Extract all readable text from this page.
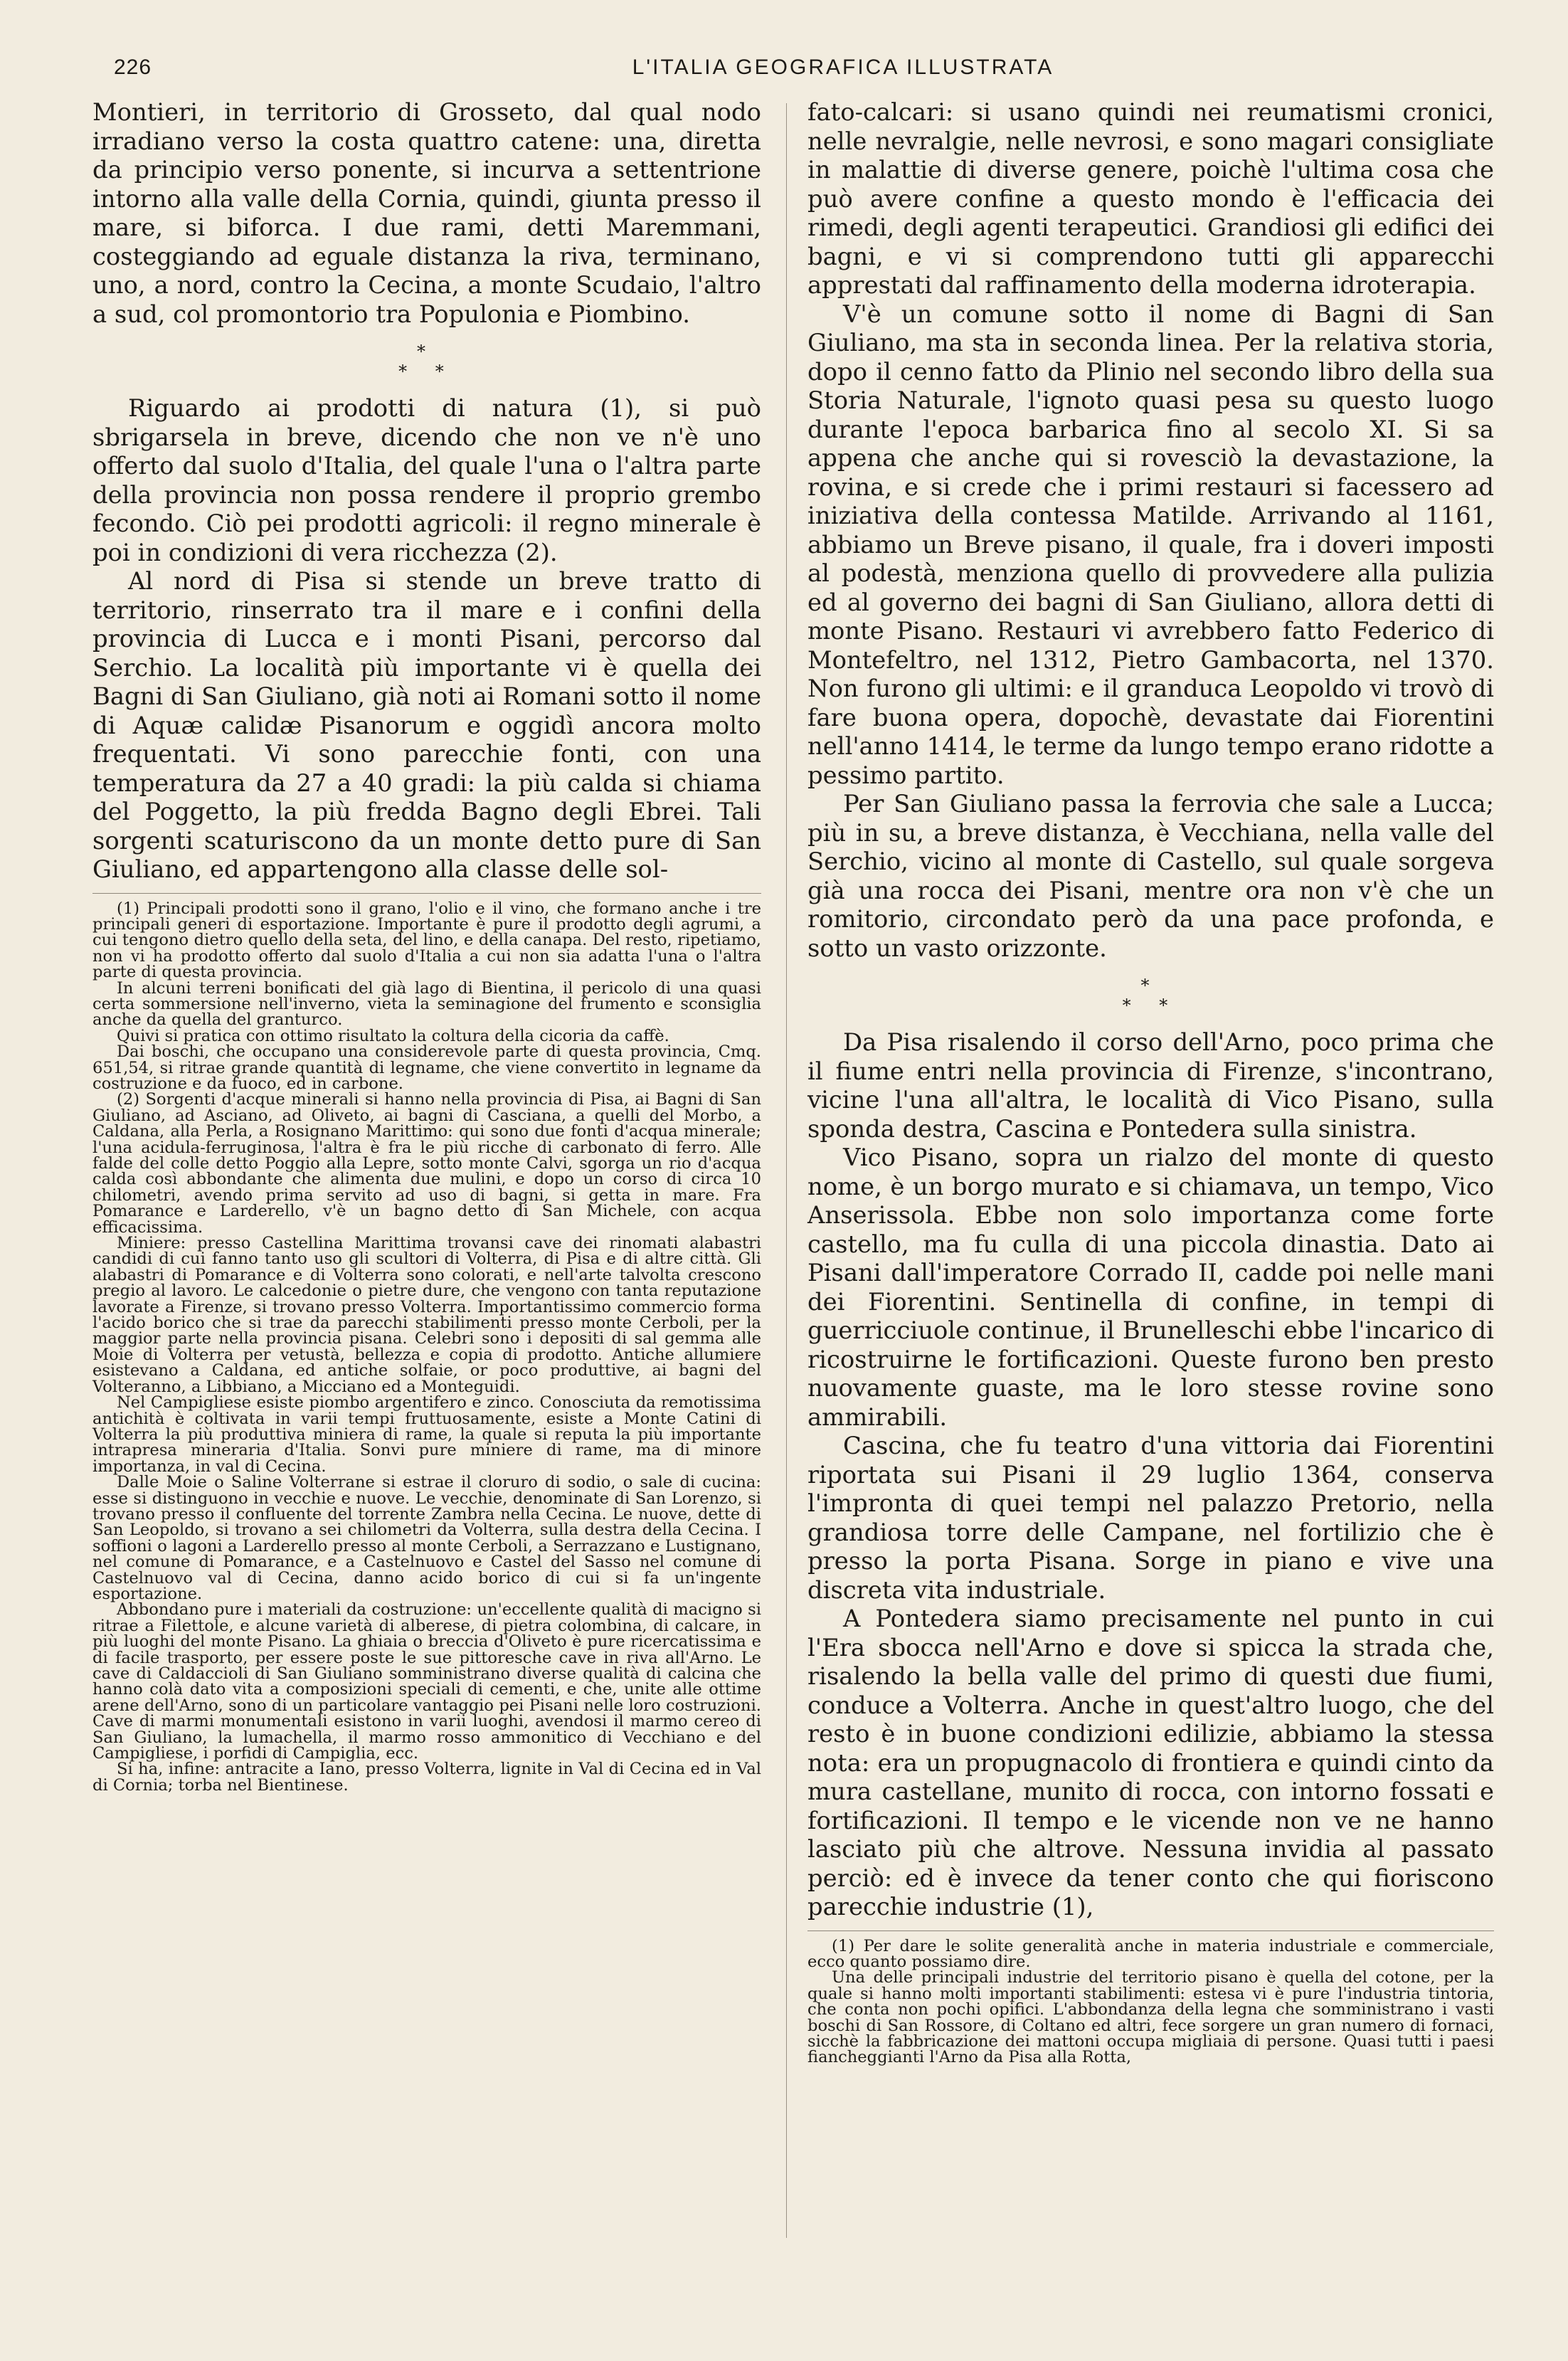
226	L'ITALIA GEOGRAFICA ILLUSTRATA

Montieri, in territorio di Grosseto, dal qual nodo irradiano verso la costa quattro catene: una, diretta da principio verso ponente, si incurva a settentrione intorno alla valle della Cornia, quindi, giunta presso il mare, si biforca. I due rami, detti Maremmani, costeggiando ad eguale distanza la riva, terminano, uno, a nord, contro la Cecina, a monte Scudaio, l'altro a sud, col promontorio tra Populonia e Piombino.

*
* *

Riguardo ai prodotti di natura (1), si può sbrigarsela in breve, dicendo che non ve n'è uno offerto dal suolo d'Italia, del quale l'una o l'altra parte della provincia non possa rendere il proprio grembo fecondo. Ciò pei prodotti agricoli: il regno minerale è poi in condizioni di vera ricchezza (2).

Al nord di Pisa si stende un breve tratto di territorio, rinserrato tra il mare e i confini della provincia di Lucca e i monti Pisani, percorso dal Serchio. La località più importante vi è quella dei Bagni di San Giuliano, già noti ai Romani sotto il nome di Aquæ calidæ Pisanorum e oggidì ancora molto frequentati. Vi sono parecchie fonti, con una temperatura da 27 a 40 gradi: la più calda si chiama del Poggetto, la più fredda Bagno degli Ebrei. Tali sorgenti scaturiscono da un monte detto pure di San Giuliano, ed appartengono alla classe delle sol-

(1) Principali prodotti sono il grano, l'olio e il vino, che formano anche i tre principali generi di esportazione. Importante è pure il prodotto degli agrumi, a cui tengono dietro quello della seta, del lino, e della canapa. Del resto, ripetiamo, non vi ha prodotto offerto dal suolo d'Italia a cui non sia adatta l'una o l'altra parte di questa provincia.

In alcuni terreni bonificati del già lago di Bientina, il pericolo di una quasi certa sommersione nell'inverno, vieta la seminagione del frumento e sconsiglia anche da quella del granturco.

Quivi si pratica con ottimo risultato la coltura della cicoria da caffè.

Dai boschi, che occupano una considerevole parte di questa provincia, Cmq. 651,54, si ritrae grande quantità di legname, che viene convertito in legname da costruzione e da fuoco, ed in carbone.

(2) Sorgenti d'acque minerali si hanno nella provincia di Pisa, ai Bagni di San Giuliano, ad Asciano, ad Oliveto, ai bagni di Casciana, a quelli del Morbo, a Caldana, alla Perla, a Rosignano Marittimo: qui sono due fonti d'acqua minerale; l'una acidula-ferruginosa, l'altra è fra le più ricche di carbonato di ferro. Alle falde del colle detto Poggio alla Lepre, sotto monte Calvi, sgorga un rio d'acqua calda così abbondante che alimenta due mulini, e dopo un corso di circa 10 chilometri, avendo prima servito ad uso di bagni, si getta in mare. Fra Pomarance e Larderello, v'è un bagno detto di San Michele, con acqua efficacissima.

Miniere: presso Castellina Marittima trovansi cave dei rinomati alabastri candidi di cui fanno tanto uso gli scultori di Volterra, di Pisa e di altre città. Gli alabastri di Pomarance e di Volterra sono colorati, e nell'arte talvolta crescono pregio al lavoro. Le calcedonie o pietre dure, che vengono con tanta reputazione lavorate a Firenze, si trovano presso Volterra. Importantissimo commercio forma l'acido borico che si trae da parecchi stabilimenti presso monte Cerboli, per la maggior parte nella provincia pisana. Celebri sono i depositi di sal gemma alle Moie di Volterra per vetustà, bellezza e copia di prodotto. Antiche allumiere esistevano a Caldana, ed antiche solfaie, or poco produttive, ai bagni del Volteranno, a Libbiano, a Micciano ed a Monteguidi.

Nel Campigliese esiste piombo argentifero e zinco. Conosciuta da remotissima antichità è coltivata in varii tempi fruttuosamente, esiste a Monte Catini di Volterra la più produttiva miniera di rame, la quale si reputa la più importante intrapresa mineraria d'Italia. Sonvi pure miniere di rame, ma di minore importanza, in val di Cecina.

Dalle Moie o Saline Volterrane si estrae il cloruro di sodio, o sale di cucina: esse si distinguono in vecchie e nuove. Le vecchie, denominate di San Lorenzo, si trovano presso il confluente del torrente Zambra nella Cecina. Le nuove, dette di San Leopoldo, si trovano a sei chilometri da Volterra, sulla destra della Cecina. I soffioni o lagoni a Larderello presso al monte Cerboli, a Serrazzano e Lustignano, nel comune di Pomarance, e a Castelnuovo e Castel del Sasso nel comune di Castelnuovo val di Cecina, danno acido borico di cui si fa un'ingente esportazione.

Abbondano pure i materiali da costruzione: un'eccellente qualità di macigno si ritrae a Filettole, e alcune varietà di alberese, di pietra colombina, di calcare, in più luoghi del monte Pisano. La ghiaia o breccia d'Oliveto è pure ricercatissima e di facile trasporto, per essere poste le sue pittoresche cave in riva all'Arno. Le cave di Caldaccioli di San Giuliano somministrano diverse qualità di calcina che hanno colà dato vita a composizioni speciali di cementi, e che, unite alle ottime arene dell'Arno, sono di un particolare vantaggio pei Pisani nelle loro costruzioni. Cave di marmi monumentali esistono in varii luoghi, avendosi il marmo cereo di San Giuliano, la lumachella, il marmo rosso ammonitico di Vecchiano e del Campigliese, i porfidi di Campiglia, ecc.

Si ha, infine: antracite a Iano, presso Volterra, lignite in Val di Cecina ed in Val di Cornia; torba nel Bientinese.

fato-calcari: si usano quindi nei reumatismi cronici, nelle nevralgie, nelle nevrosi, e sono magari consigliate in malattie di diverse genere, poichè l'ultima cosa che può avere confine a questo mondo è l'efficacia dei rimedi, degli agenti terapeutici. Grandiosi gli edifici dei bagni, e vi si comprendono tutti gli apparecchi apprestati dal raffinamento della moderna idroterapia.

V'è un comune sotto il nome di Bagni di San Giuliano, ma sta in seconda linea. Per la relativa storia, dopo il cenno fatto da Plinio nel secondo libro della sua Storia Naturale, l'ignoto quasi pesa su questo luogo durante l'epoca barbarica fino al secolo XI. Si sa appena che anche qui si rovesciò la devastazione, la rovina, e si crede che i primi restauri si facessero ad iniziativa della contessa Matilde. Arrivando al 1161, abbiamo un Breve pisano, il quale, fra i doveri imposti al podestà, menziona quello di provvedere alla pulizia ed al governo dei bagni di San Giuliano, allora detti di monte Pisano. Restauri vi avrebbero fatto Federico di Montefeltro, nel 1312, Pietro Gambacorta, nel 1370. Non furono gli ultimi: e il granduca Leopoldo vi trovò di fare buona opera, dopochè, devastate dai Fiorentini nell'anno 1414, le terme da lungo tempo erano ridotte a pessimo partito.

Per San Giuliano passa la ferrovia che sale a Lucca; più in su, a breve distanza, è Vecchiana, nella valle del Serchio, vicino al monte di Castello, sul quale sorgeva già una rocca dei Pisani, mentre ora non v'è che un romitorio, circondato però da una pace profonda, e sotto un vasto orizzonte.

*
* *

Da Pisa risalendo il corso dell'Arno, poco prima che il fiume entri nella provincia di Firenze, s'incontrano, vicine l'una all'altra, le località di Vico Pisano, sulla sponda destra, Cascina e Pontedera sulla sinistra.

Vico Pisano, sopra un rialzo del monte di questo nome, è un borgo murato e si chiamava, un tempo, Vico Anserissola. Ebbe non solo importanza come forte castello, ma fu culla di una piccola dinastia. Dato ai Pisani dall'imperatore Corrado II, cadde poi nelle mani dei Fiorentini. Sentinella di confine, in tempi di guerricciuole continue, il Brunelleschi ebbe l'incarico di ricostruirne le fortificazioni. Queste furono ben presto nuovamente guaste, ma le loro stesse rovine sono ammirabili.

Cascina, che fu teatro d'una vittoria dai Fiorentini riportata sui Pisani il 29 luglio 1364, conserva l'impronta di quei tempi nel palazzo Pretorio, nella grandiosa torre delle Campane, nel fortilizio che è presso la porta Pisana. Sorge in piano e vive una discreta vita industriale.

A Pontedera siamo precisamente nel punto in cui l'Era sbocca nell'Arno e dove si spicca la strada che, risalendo la bella valle del primo di questi due fiumi, conduce a Volterra. Anche in quest'altro luogo, che del resto è in buone condizioni edilizie, abbiamo la stessa nota: era un propugnacolo di frontiera e quindi cinto da mura castellane, munito di rocca, con intorno fossati e fortificazioni. Il tempo e le vicende non ve ne hanno lasciato più che altrove. Nessuna invidia al passato perciò: ed è invece da tener conto che qui fioriscono parecchie industrie (1),

(1) Per dare le solite generalità anche in materia industriale e commerciale, ecco quanto possiamo dire.

Una delle principali industrie del territorio pisano è quella del cotone, per la quale si hanno molti importanti stabilimenti: estesa vi è pure l'industria tintoria, che conta non pochi opifici. L'abbondanza della legna che somministrano i vasti boschi di San Rossore, di Coltano ed altri, fece sorgere un gran numero di fornaci, sicchè la fabbricazione dei mattoni occupa migliaia di persone. Quasi tutti i paesi fiancheggianti l'Arno da Pisa alla Rotta,
